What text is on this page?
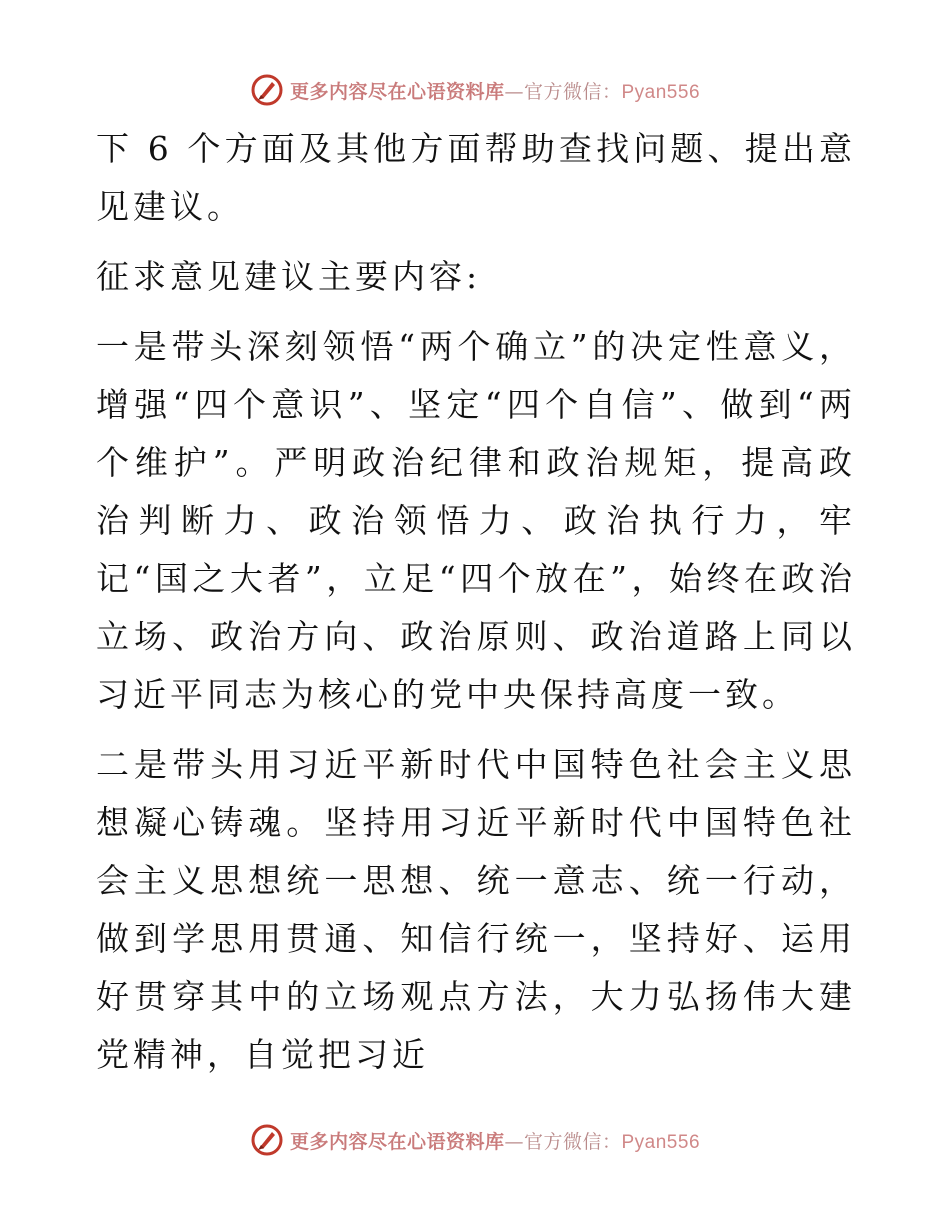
更多内容尽在心语资料库—官方微信：Pyan556

下 6 个方面及其他方面帮助查找问题、提出意见建议。

征求意见建议主要内容:

一是带头深刻领悟“两个确立”的决定性意义，增强“四个意识”、坚定“四个自信”、做到“两个维护”。严明政治纪律和政治规矩，提高政治判断力、政治领悟力、政治执行力，牢记“国之大者”，立足“四个放在”，始终在政治立场、政治方向、政治原则、政治道路上同以习近平同志为核心的党中央保持高度一致。

二是带头用习近平新时代中国特色社会主义思想凝心铸魂。坚持用习近平新时代中国特色社会主义思想统一思想、统一意志、统一行动，做到学思用贯通、知信行统一，坚持好、运用好贯穿其中的立场观点方法，大力弘扬伟大建党精神，自觉把习近

更多内容尽在心语资料库—官方微信：Pyan556
